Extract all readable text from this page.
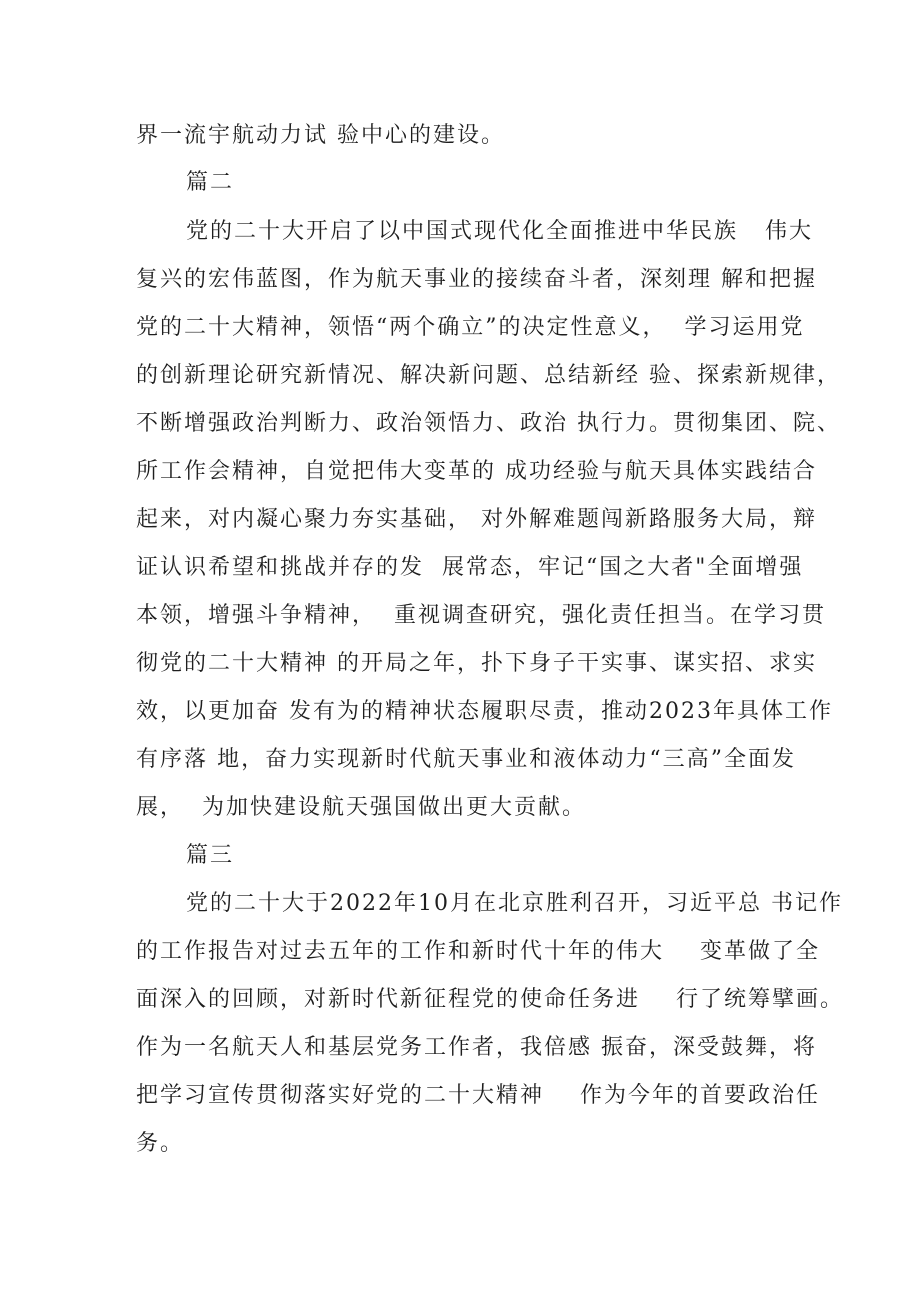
界一流宇航动力试 验中心的建设。
篇二
党的二十大开启了以中国式现代化全面推进中华民族   伟大
复兴的宏伟蓝图，作为航天事业的接续奋斗者，深刻理 解和把握
党的二十大精神，领悟“两个确立”的决定性意义，  学习运用党
的创新理论研究新情况、解决新问题、总结新经 验、探索新规律，
不断增强政治判断力、政治领悟力、政治 执行力。贯彻集团、院、
所工作会精神，自觉把伟大变革的 成功经验与航天具体实践结合
起来，对内凝心聚力夯实基础， 对外解难题闯新路服务大局，辩
证认识希望和挑战并存的发  展常态，牢记“国之大者"全面增强
本领，增强斗争精神，  重视调查研究，强化责任担当。在学习贯
彻党的二十大精神 的开局之年，扑下身子干实事、谋实招、求实
效，以更加奋 发有为的精神状态履职尽责，推动2023年具体工作
有序落 地，奋力实现新时代航天事业和液体动力“三高”全面发
展，  为加快建设航天强国做出更大贡献。
篇三
党的二十大于2022年10月在北京胜利召开，习近平总 书记作
的工作报告对过去五年的工作和新时代十年的伟大    变革做了全
面深入的回顾，对新时代新征程党的使命任务进    行了统筹擘画。
作为一名航天人和基层党务工作者，我倍感 振奋，深受鼓舞，将
把学习宣传贯彻落实好党的二十大精神    作为今年的首要政治任
务。
